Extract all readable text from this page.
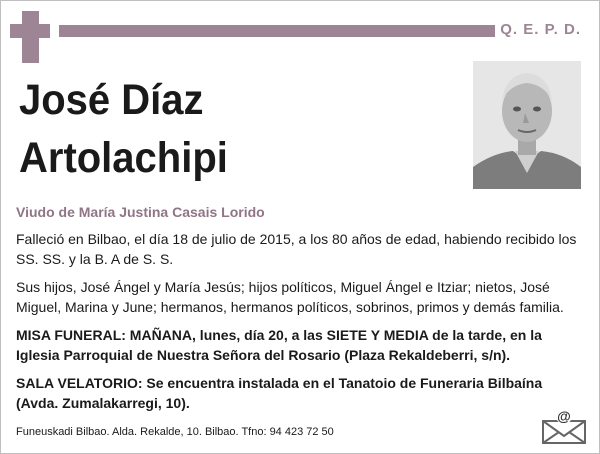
Q. E. P. D.
José Díaz
Artolachipi
Viudo de María Justina Casais Lorido

Falleció en Bilbao, el día 18 de julio de 2015, a los 80 años de edad, habiendo recibido los SS. SS. y la B. A de S. S.

Sus hijos, José Ángel y María Jesús; hijos políticos, Miguel Ángel e Itziar; nietos, José Miguel, Marina y June; hermanos, hermanos políticos, sobrinos, primos y demás familia.

MISA FUNERAL: MAÑANA, lunes, día 20, a las SIETE Y MEDIA de la tarde, en la Iglesia Parroquial de Nuestra Señora del Rosario (Plaza Rekaldeberri, s/n).

SALA VELATORIO: Se encuentra instalada en el Tanatoio de Funeraria Bilbaína (Avda. Zumalakarregi, 10).

Funeuskadi Bilbao. Alda. Rekalde, 10. Bilbao. Tfno: 94 423 72 50
@
